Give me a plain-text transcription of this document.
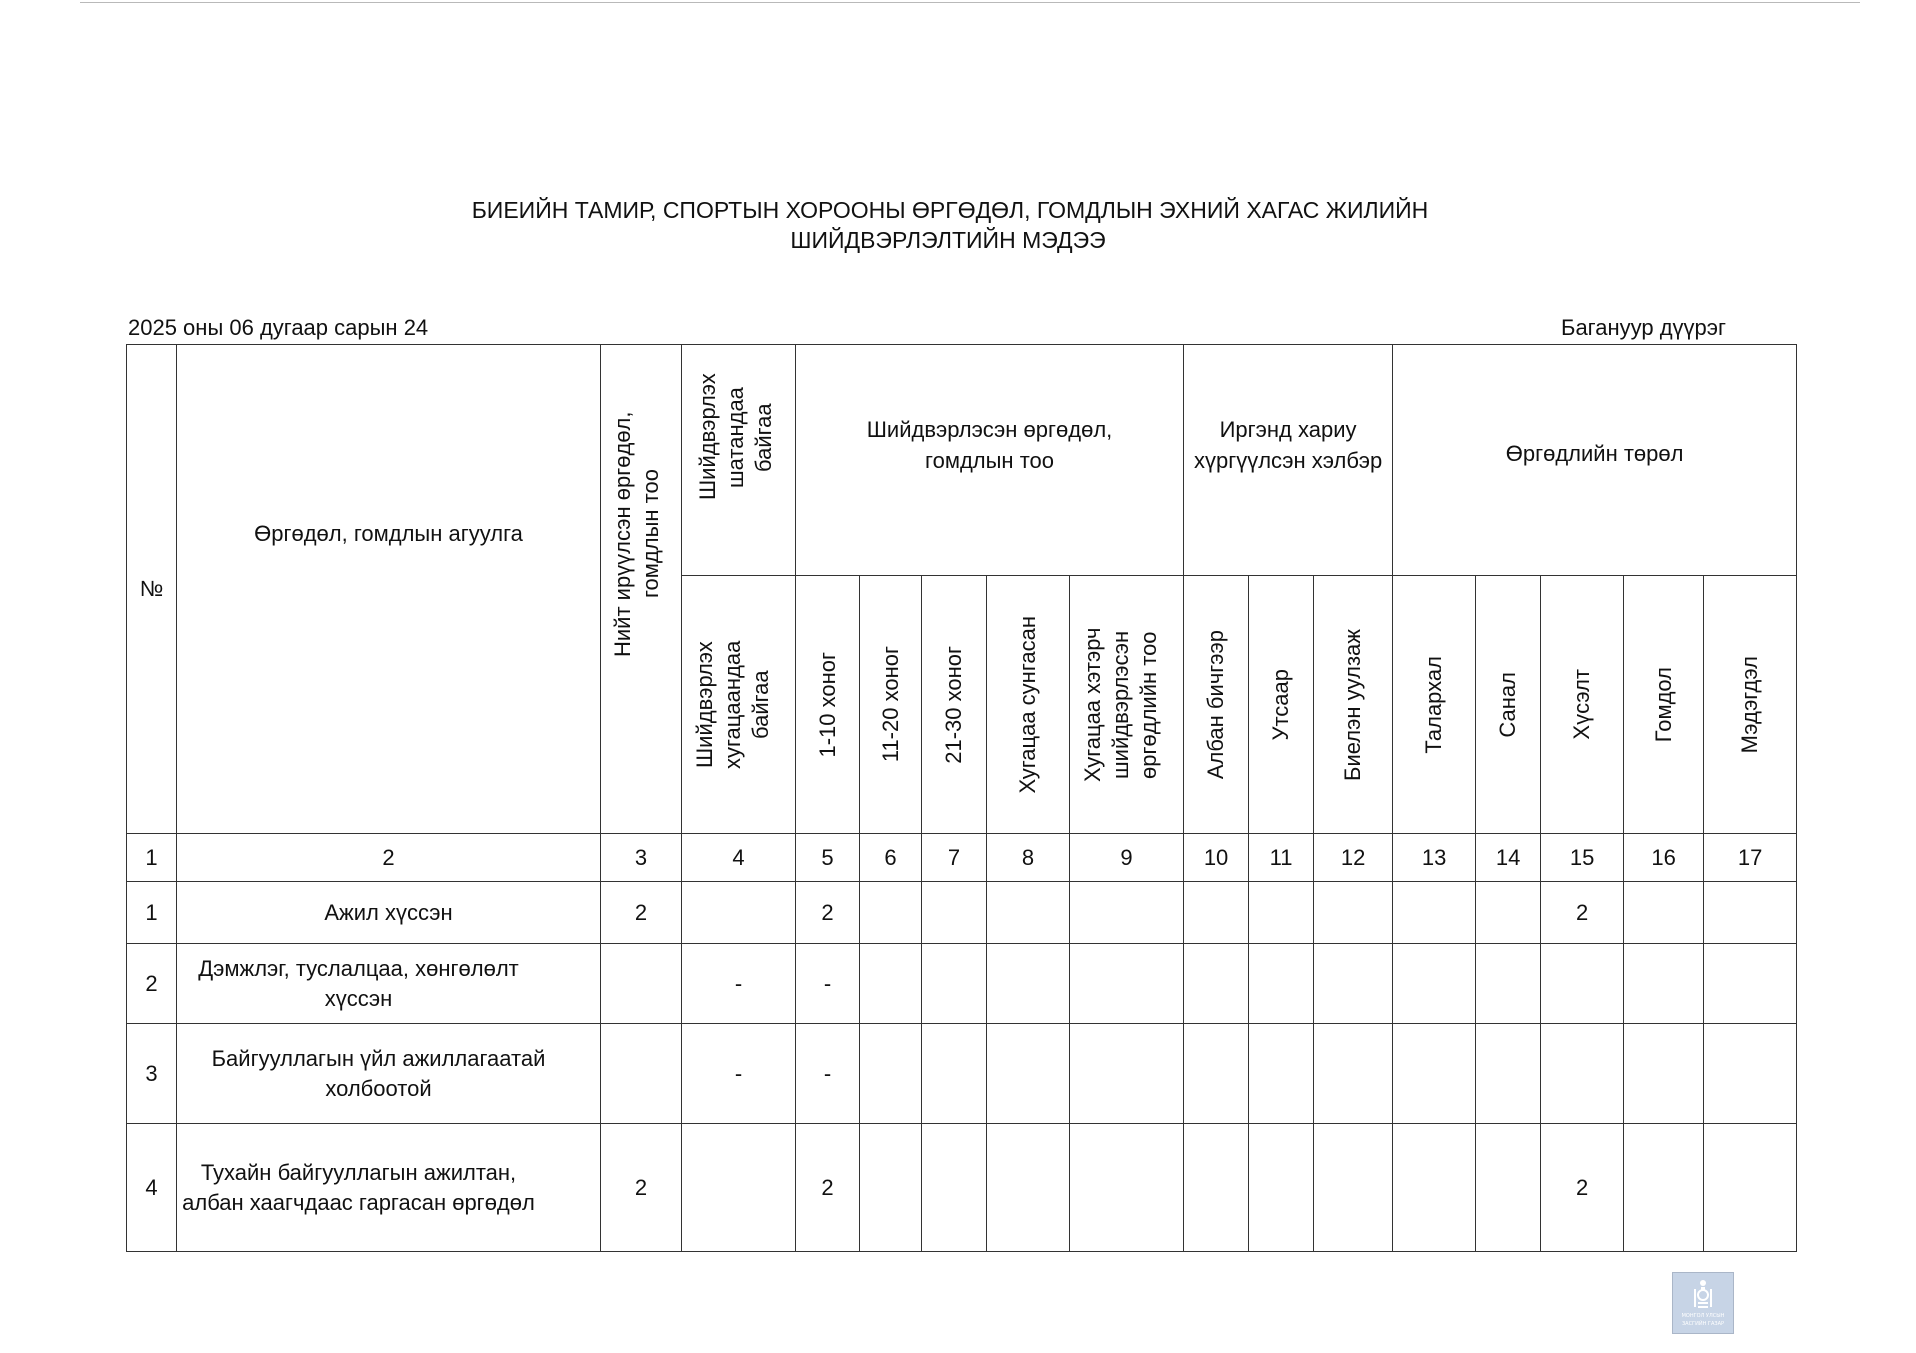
БИЕИЙН ТАМИР, СПОРТЫН ХОРООНЫ ӨРГӨДӨЛ, ГОМДЛЫН ЭХНИЙ ХАГАС ЖИЛИЙН
ШИЙДВЭРЛЭЛТИЙН МЭДЭЭ
2025 оны 06 дугаар сарын 24	Багануур дүүрэг
№	Өргөдөл, гомдлын агуулга	Нийт ирүүлсэн өргөдөл, гомдлын тоо	Шийдвэрлэх шатандаа байгаа	Шийдвэрлэсэн өргөдөл, гомдлын тоо					Иргэнд хариу хүргүүлсэн хэлбэр			Өргөдлийн төрөл				

			Шийдвэрлэх хугацаандаа байгаа	1-10 хоног	11-20 хоног	21-30 хоног	Хугацаа сунгасан	Хугацаа хэтэрч шийдвэрлэсэн өргөдлийн тоо	Албан бичгээр	Утсаар	Биелэн уулзаж	Талархал	Санал	Хүсэлт	Гомдол	Мэдэгдэл

1	2	3	4	5	6	7	8	9	10	11	12	13	14	15	16	17
1	Ажил хүссэн	2		2										2		
2	Дэмжлэг, туслалцаа, хөнгөлөлт хүссэн		-	-												
3	Байгууллагын үйл ажиллагаатай холбоотой		-	-												
4	Тухайн байгууллагын ажилтан, албан хаагчдаас гаргасан өргөдөл	2		2										2		
МОНГОЛ УЛСЫН
ЗАСГИЙН ГАЗАР
